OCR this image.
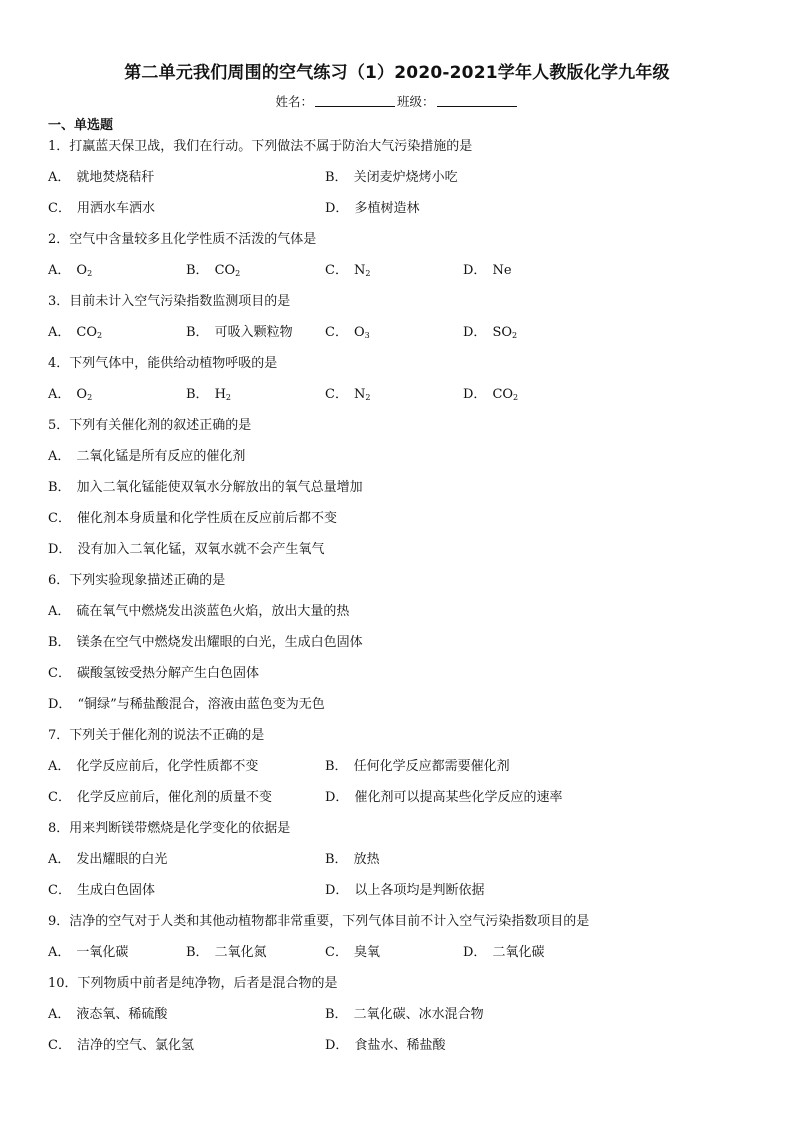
第二单元我们周围的空气练习（1）2020-2021学年人教版化学九年级
姓名：	班级：
一、单选题
1．打赢蓝天保卫战，我们在行动。下列做法不属于防治大气污染措施的是
A． 就地焚烧秸秆	B． 关闭麦炉烧烤小吃
C． 用洒水车洒水	D． 多植树造林
2．空气中含量较多且化学性质不活泼的气体是
A． $O_2$	B． $CO_2$	C． $N_2$	D． Ne
3．目前未计入空气污染指数监测项目的是
A． $CO_2$	B． 可吸入颗粒物 C． $O_3$	D． $SO_2$
4．下列气体中，能供给动植物呼吸的是
A． $O_2$	B． $H_2$	C． $N_2$	D． $CO_2$
5．下列有关催化剂的叙述正确的是
A． 二氧化锰是所有反应的催化剂
B． 加入二氧化锰能使双氧水分解放出的氧气总量增加
C． 催化剂本身质量和化学性质在反应前后都不变
D． 没有加入二氧化锰，双氧水就不会产生氧气
6．下列实验现象描述正确的是
A． 硫在氧气中燃烧发出淡蓝色火焰，放出大量的热
B． 镁条在空气中燃烧发出耀眼的白光，生成白色固体
C． 碳酸氢铵受热分解产生白色固体
D． “铜绿”与稀盐酸混合，溶液由蓝色变为无色
7．下列关于催化剂的说法不正确的是
A． 化学反应前后，化学性质都不变	B． 任何化学反应都需要催化剂
C． 化学反应前后，催化剂的质量不变	D． 催化剂可以提高某些化学反应的速率
8．用来判断镁带燃烧是化学变化的依据是
A． 发出耀眼的白光	B． 放热
C． 生成白色固体	D． 以上各项均是判断依据
9．洁净的空气对于人类和其他动植物都非常重要，下列气体目前不计入空气污染指数项目的是
A． 一氧化碳	B． 二氧化氮	C． 臭氧	D． 二氧化碳
10．下列物质中前者是纯净物，后者是混合物的是
A． 液态氧、稀硫酸	B． 二氧化碳、冰水混合物
C． 洁净的空气、氯化氢	D． 食盐水、稀盐酸
